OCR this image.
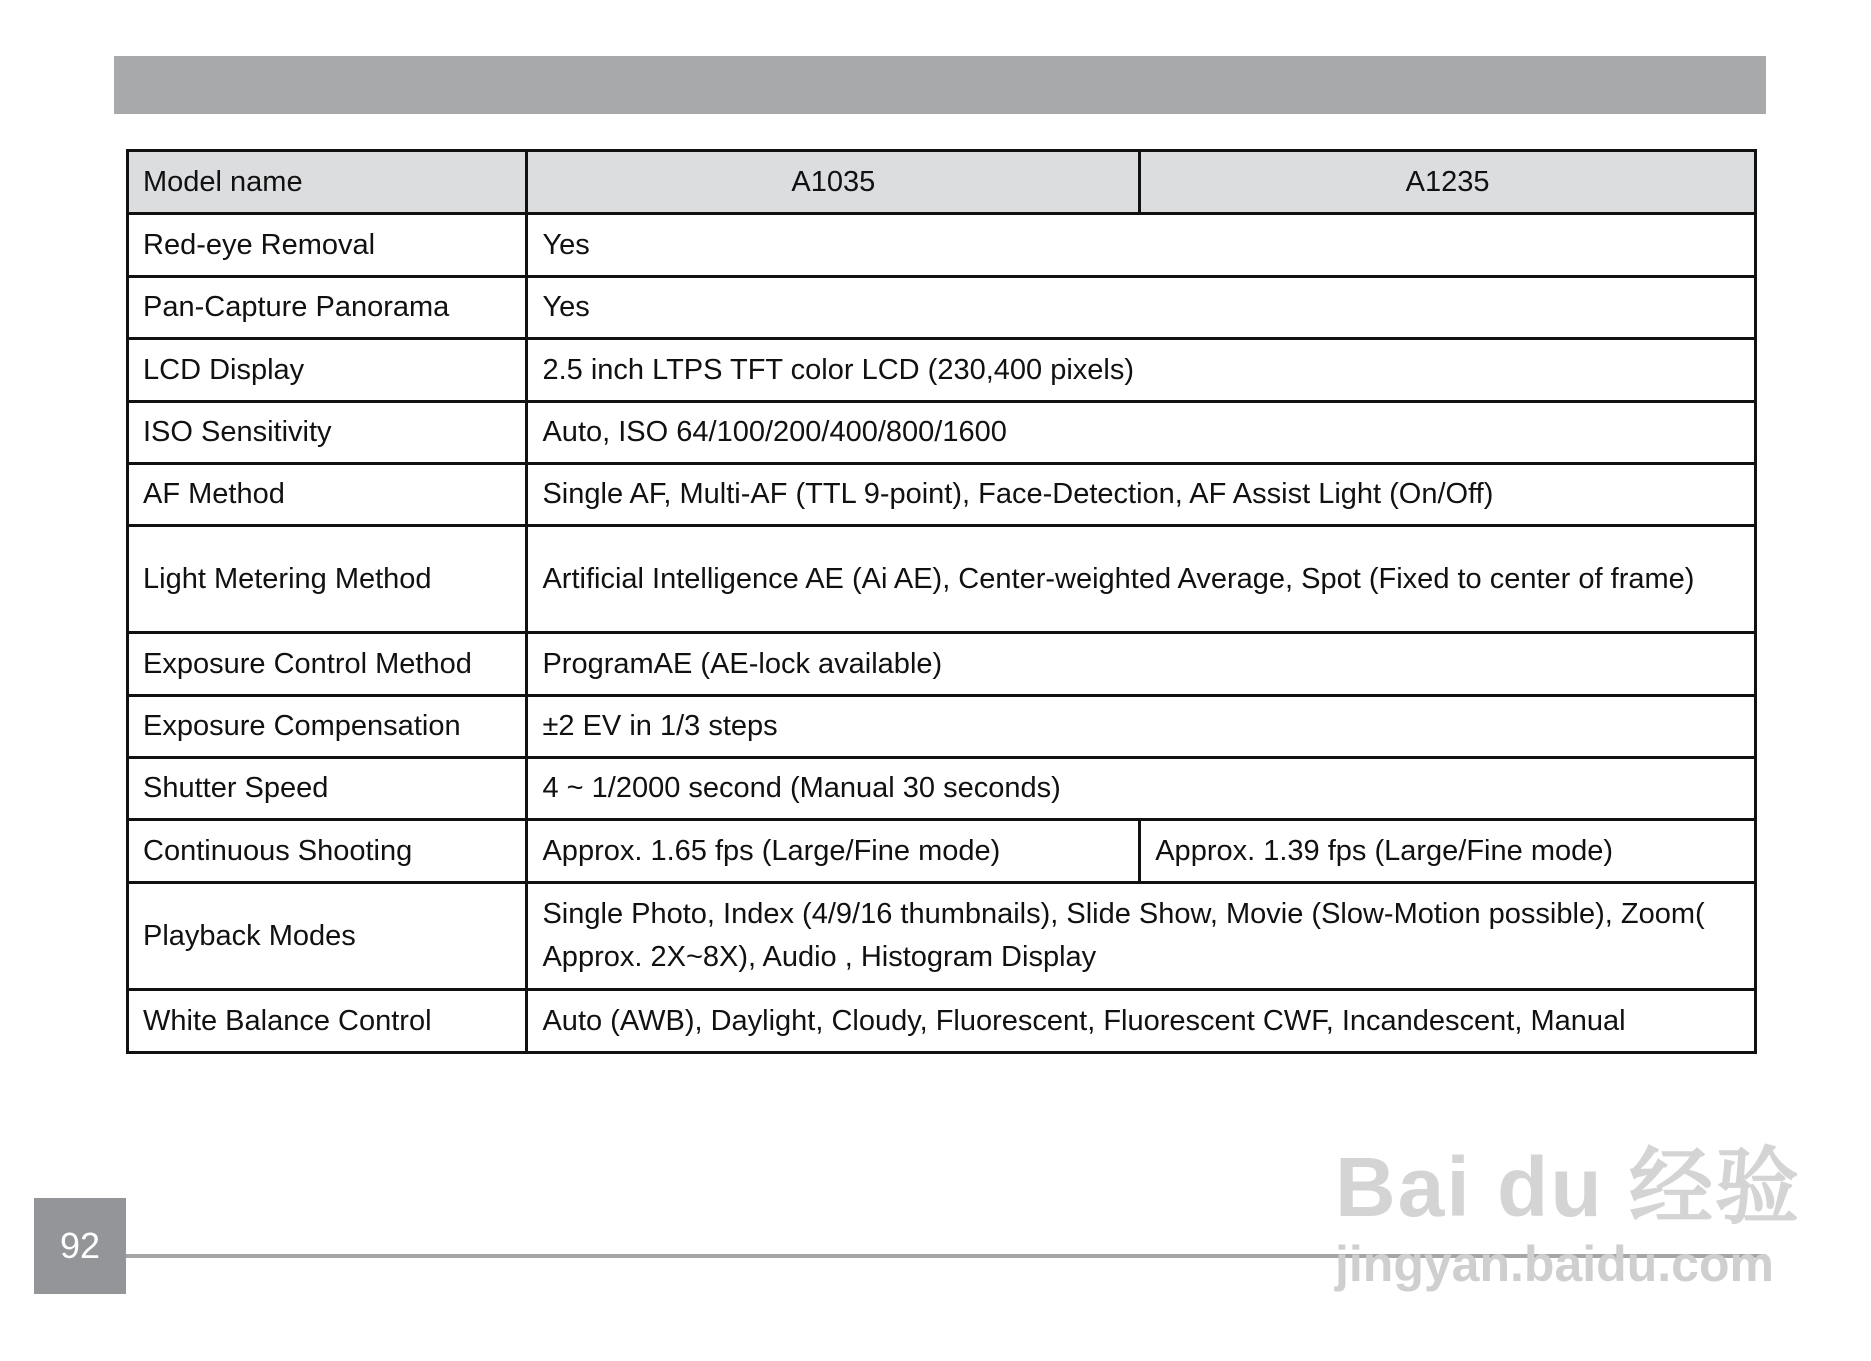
Model name	A1035	A1235
Red-eye Removal	Yes	
Pan-Capture Panorama	Yes	
LCD Display	2.5 inch LTPS TFT color LCD (230,400 pixels)	
ISO Sensitivity	Auto, ISO 64/100/200/400/800/1600	
AF Method	Single AF, Multi-AF (TTL 9-point), Face-Detection, AF Assist Light (On/Off)	
Light Metering Method	Artificial Intelligence AE (Ai AE), Center-weighted Average, Spot (Fixed to center of frame)	
Exposure Control Method	ProgramAE (AE-lock available)	
Exposure Compensation	±2 EV in 1/3 steps	
Shutter Speed	4 ~ 1/2000 second (Manual 30 seconds)	
Continuous Shooting	Approx. 1.65 fps (Large/Fine mode)	Approx. 1.39 fps (Large/Fine mode)
Playback Modes	Single Photo, Index (4/9/16 thumbnails), Slide Show, Movie (Slow-Motion possible), Zoom( Approx. 2X~8X), Audio , Histogram Display	
White Balance Control	Auto (AWB), Daylight, Cloudy, Fluorescent, Fluorescent CWF, Incandescent, Manual	
92
Bai du 经验
jingyan.baidu.com
